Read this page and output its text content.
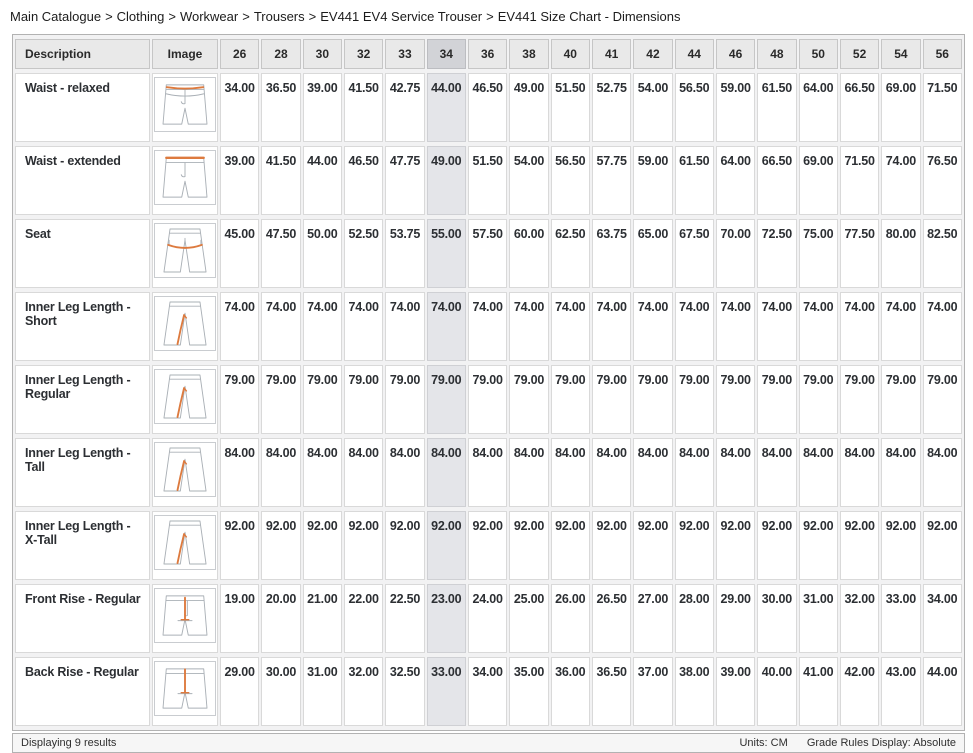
Main Catalogue > Clothing > Workwear > Trousers > EV441 EV4 Service Trouser > EV441 Size Chart - Dimensions
Description	Image	26	28	30	32	33	34	36	38	40	41	42	44	46	48	50	52	54	56
Waist - relaxed		34.00	36.50	39.00	41.50	42.75	44.00	46.50	49.00	51.50	52.75	54.00	56.50	59.00	61.50	64.00	66.50	69.00	71.50
Waist - extended		39.00	41.50	44.00	46.50	47.75	49.00	51.50	54.00	56.50	57.75	59.00	61.50	64.00	66.50	69.00	71.50	74.00	76.50
Seat		45.00	47.50	50.00	52.50	53.75	55.00	57.50	60.00	62.50	63.75	65.00	67.50	70.00	72.50	75.00	77.50	80.00	82.50
Inner Leg Length - Short		74.00	74.00	74.00	74.00	74.00	74.00	74.00	74.00	74.00	74.00	74.00	74.00	74.00	74.00	74.00	74.00	74.00	74.00
Inner Leg Length - Regular		79.00	79.00	79.00	79.00	79.00	79.00	79.00	79.00	79.00	79.00	79.00	79.00	79.00	79.00	79.00	79.00	79.00	79.00
Inner Leg Length - Tall		84.00	84.00	84.00	84.00	84.00	84.00	84.00	84.00	84.00	84.00	84.00	84.00	84.00	84.00	84.00	84.00	84.00	84.00
Inner Leg Length - X-Tall		92.00	92.00	92.00	92.00	92.00	92.00	92.00	92.00	92.00	92.00	92.00	92.00	92.00	92.00	92.00	92.00	92.00	92.00
Front Rise - Regular		19.00	20.00	21.00	22.00	22.50	23.00	24.00	25.00	26.00	26.50	27.00	28.00	29.00	30.00	31.00	32.00	33.00	34.00
Back Rise - Regular		29.00	30.00	31.00	32.00	32.50	33.00	34.00	35.00	36.00	36.50	37.00	38.00	39.00	40.00	41.00	42.00	43.00	44.00
Displaying 9 results	Units: CM Grade Rules Display: Absolute
